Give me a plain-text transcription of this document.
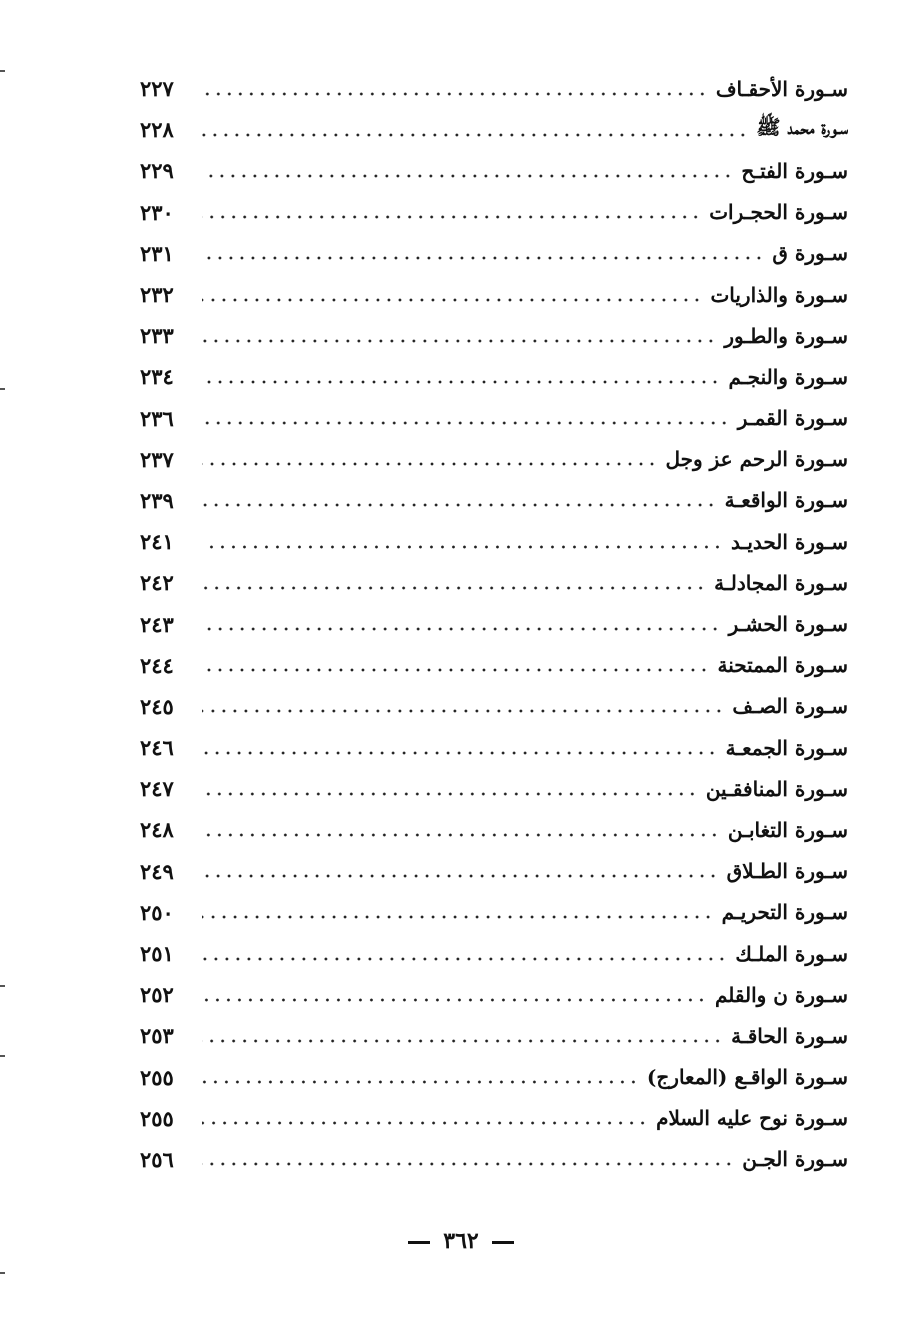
سـورة الأحقـاف
٢٢٧
سـورة محمد ﷺ
٢٢٨
سـورة الفتـح
٢٢٩
سـورة الحجـرات
٢٣٠
سـورة ق
٢٣١
سـورة والذاريات
٢٣٢
سـورة والطـور
٢٣٣
سـورة والنجـم
٢٣٤
سـورة القمـر
٢٣٦
سـورة الرحم عز وجل
٢٣٧
سـورة الواقعـة
٢٣٩
سـورة الحديـد
٢٤١
سـورة المجادلـة
٢٤٢
سـورة الحشـر
٢٤٣
سـورة الممتحنة
٢٤٤
سـورة الصـف
٢٤٥
سـورة الجمعـة
٢٤٦
سـورة المنافقـين
٢٤٧
سـورة التغابـن
٢٤٨
سـورة الطـلاق
٢٤٩
سـورة التحريـم
٢٥٠
سـورة الملـك
٢٥١
سـورة ن والقلم
٢٥٢
سـورة الحاقـة
٢٥٣
سـورة الواقـع (المعارج)
٢٥٥
سـورة نوح عليه السلام
٢٥٥
سـورة الجـن
٢٥٦
٣٦٢
